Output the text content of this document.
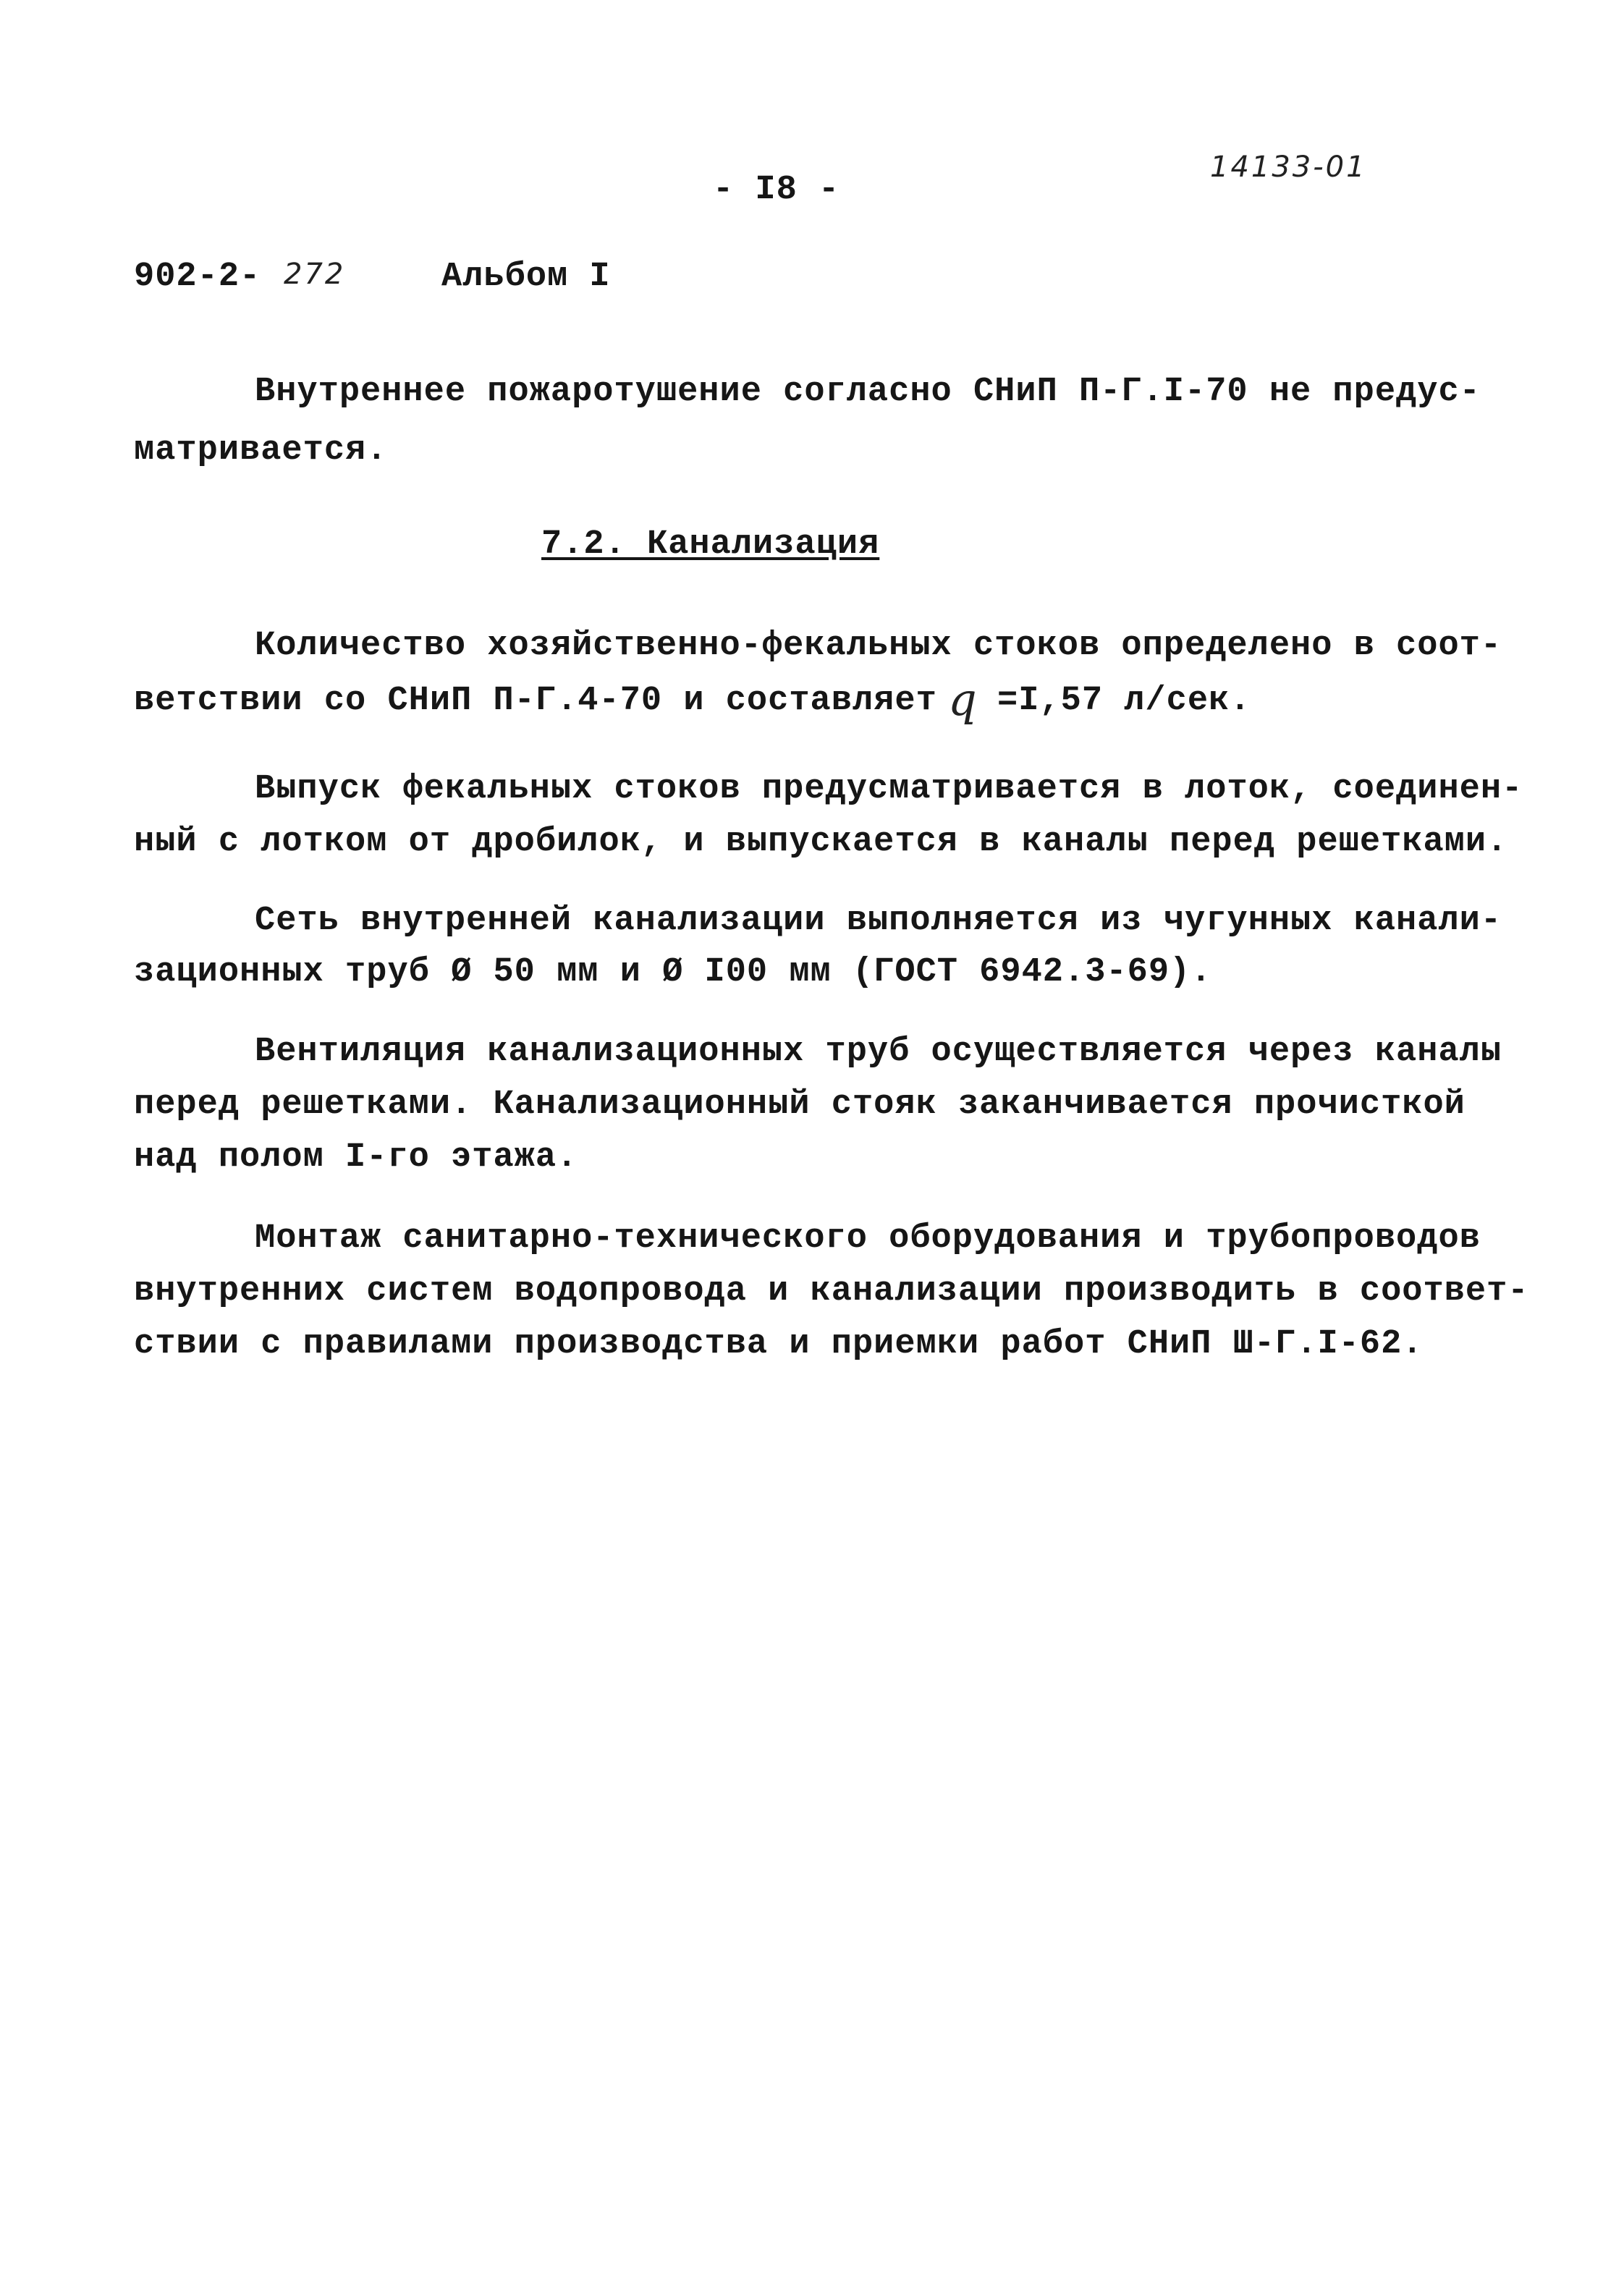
- I8 -
14133-01
902-2- 272	Альбом I
Внутреннее пожаротушение согласно СНиП П-Г.I-70 не предус-
матривается.
7.2. Канализация
Количество хозяйственно-фекальных стоков определено в соот-
ветствии со СНиП П-Г.4-70 и составляет q =I,57 л/сек.
Выпуск фекальных стоков предусматривается в лоток, соединен-
ный с лотком от дробилок, и выпускается в каналы перед решетками.
Сеть внутренней канализации выполняется из чугунных канали-
зационных труб Ø 50 мм и Ø I00 мм (ГОСТ 6942.3-69).
Вентиляция канализационных труб осуществляется через каналы
перед решетками. Канализационный стояк заканчивается прочисткой
над полом I-го этажа.
Монтаж санитарно-технического оборудования и трубопроводов
внутренних систем водопровода и канализации производить в соответ-
ствии с правилами производства и приемки работ СНиП Ш-Г.I-62.
